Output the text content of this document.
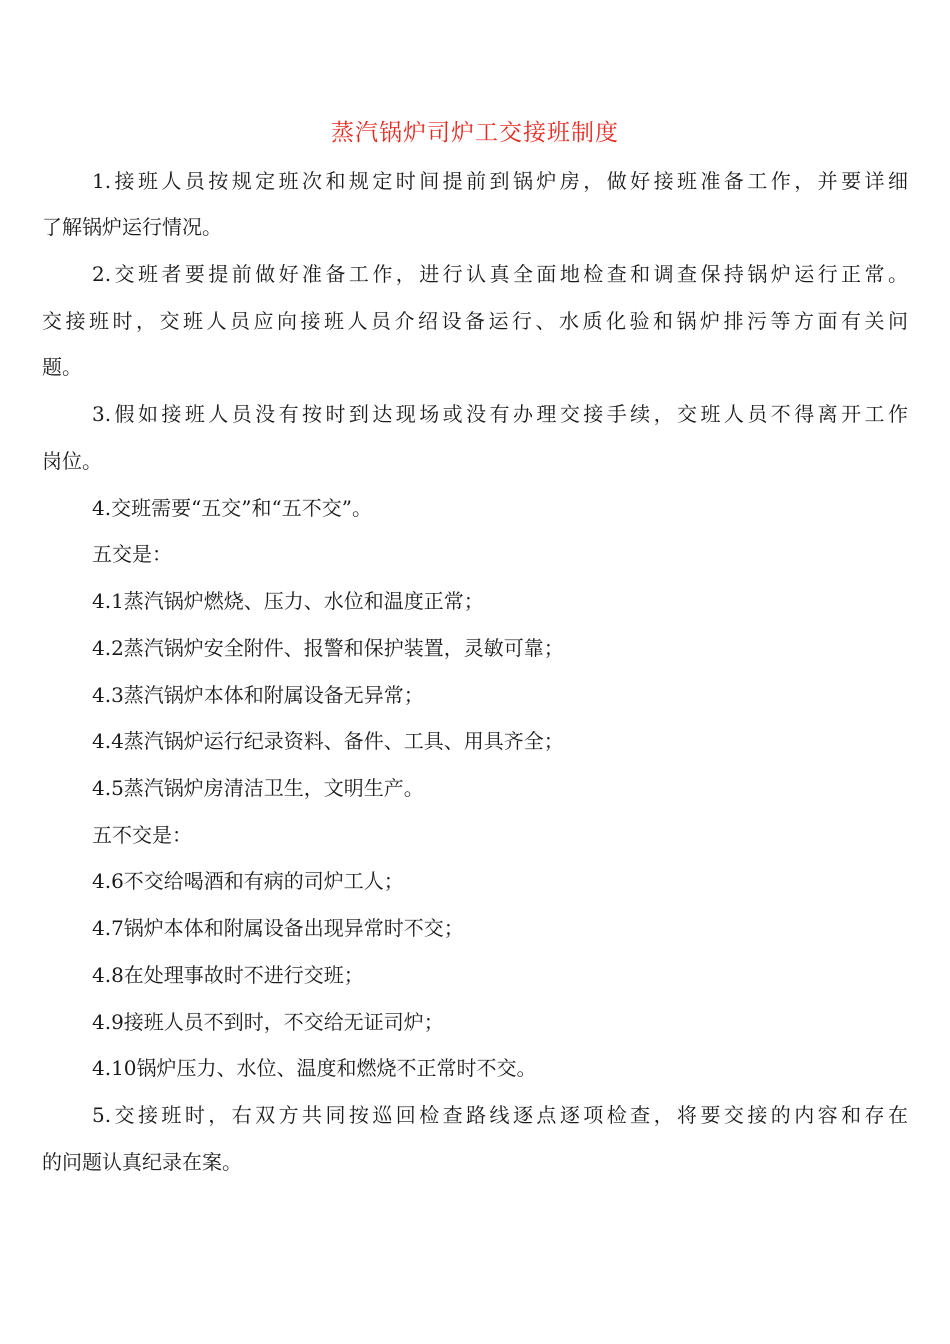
蒸汽锅炉司炉工交接班制度

1.接班人员按规定班次和规定时间提前到锅炉房，做好接班准备工作，并要详细

了解锅炉运行情况。

2.交班者要提前做好准备工作，进行认真全面地检查和调查保持锅炉运行正常。

交接班时，交班人员应向接班人员介绍设备运行、水质化验和锅炉排污等方面有关问

题。

3.假如接班人员没有按时到达现场或没有办理交接手续，交班人员不得离开工作

岗位。

4.交班需要“五交”和“五不交”。

五交是：

4.1蒸汽锅炉燃烧、压力、水位和温度正常；

4.2蒸汽锅炉安全附件、报警和保护装置，灵敏可靠；

4.3蒸汽锅炉本体和附属设备无异常；

4.4蒸汽锅炉运行纪录资料、备件、工具、用具齐全；

4.5蒸汽锅炉房清洁卫生，文明生产。

五不交是：

4.6不交给喝酒和有病的司炉工人；

4.7锅炉本体和附属设备出现异常时不交；

4.8在处理事故时不进行交班；

4.9接班人员不到时，不交给无证司炉；

4.10锅炉压力、水位、温度和燃烧不正常时不交。

5.交接班时，右双方共同按巡回检查路线逐点逐项检查，将要交接的内容和存在

的问题认真纪录在案。
